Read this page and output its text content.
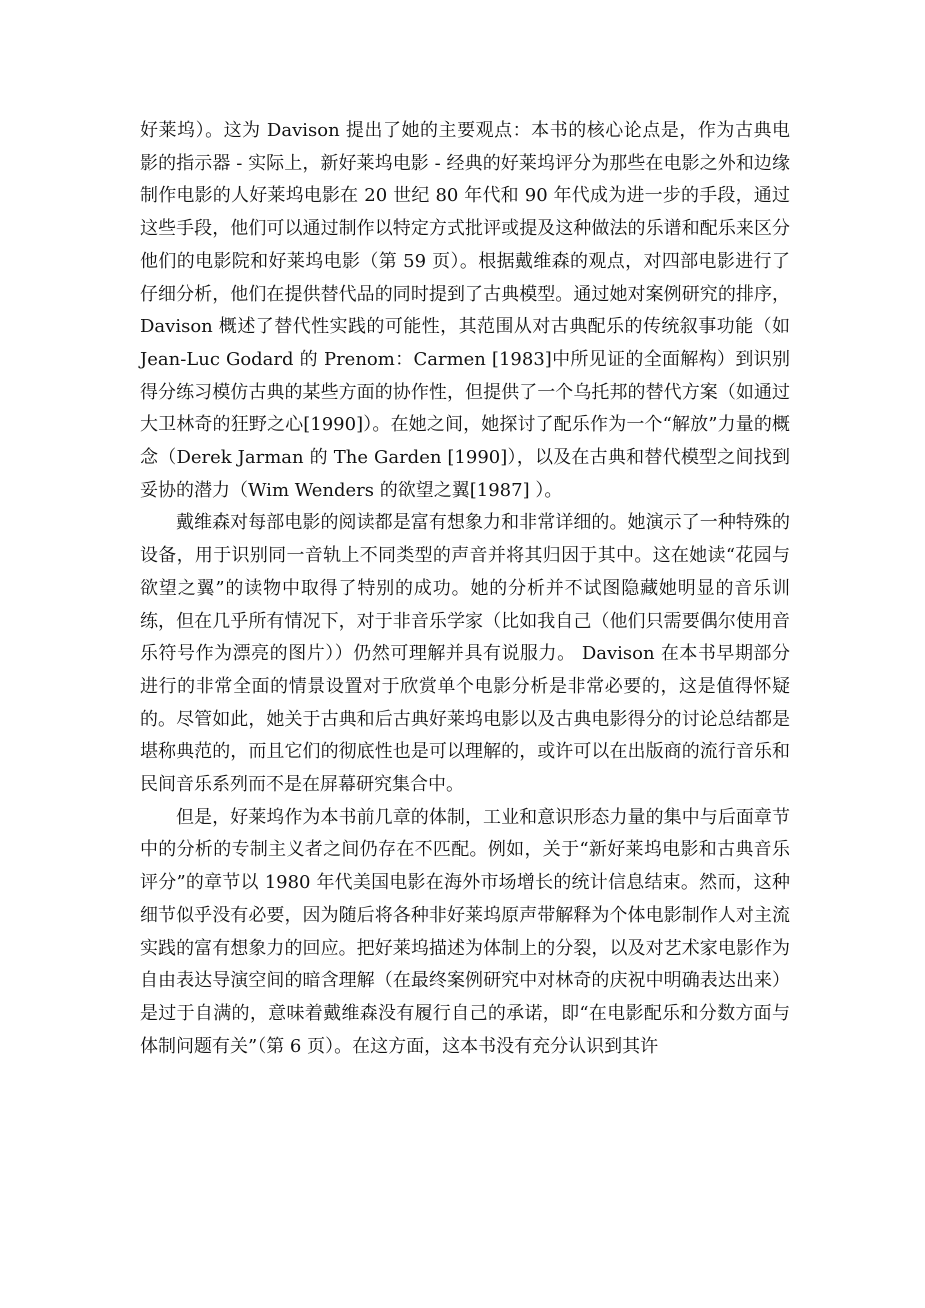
好莱坞）。这为 Davison 提出了她的主要观点：本书的核心论点是，作为古典电影的指示器 - 实际上，新好莱坞电影 - 经典的好莱坞评分为那些在电影之外和边缘制作电影的人好莱坞电影在 20 世纪 80 年代和 90 年代成为进一步的手段，通过这些手段，他们可以通过制作以特定方式批评或提及这种做法的乐谱和配乐来区分他们的电影院和好莱坞电影（第 59 页）。根据戴维森的观点，对四部电影进行了仔细分析，他们在提供替代品的同时提到了古典模型。通过她对案例研究的排序，Davison 概述了替代性实践的可能性，其范围从对古典配乐的传统叙事功能（如 Jean-Luc Godard 的 Prenom：Carmen [1983]中所见证的全面解构）到识别得分练习模仿古典的某些方面的协作性，但提供了一个乌托邦的替代方案（如通过大卫林奇的狂野之心[1990]）。在她之间，她探讨了配乐作为一个“解放”力量的概念（Derek Jarman 的 The Garden [1990]），以及在古典和替代模型之间找到妥协的潜力（Wim Wenders 的欲望之翼[1987] ）。

戴维森对每部电影的阅读都是富有想象力和非常详细的。她演示了一种特殊的设备，用于识别同一音轨上不同类型的声音并将其归因于其中。这在她读“花园与欲望之翼”的读物中取得了特别的成功。她的分析并不试图隐藏她明显的音乐训练，但在几乎所有情况下，对于非音乐学家（比如我自己（他们只需要偶尔使用音乐符号作为漂亮的图片））仍然可理解并具有说服力。 Davison 在本书早期部分进行的非常全面的情景设置对于欣赏单个电影分析是非常必要的，这是值得怀疑的。尽管如此，她关于古典和后古典好莱坞电影以及古典电影得分的讨论总结都是堪称典范的，而且它们的彻底性也是可以理解的，或许可以在出版商的流行音乐和民间音乐系列而不是在屏幕研究集合中。

但是，好莱坞作为本书前几章的体制，工业和意识形态力量的集中与后面章节中的分析的专制主义者之间仍存在不匹配。例如，关于“新好莱坞电影和古典音乐评分”的章节以 1980 年代美国电影在海外市场增长的统计信息结束。然而，这种细节似乎没有必要，因为随后将各种非好莱坞原声带解释为个体电影制作人对主流实践的富有想象力的回应。把好莱坞描述为体制上的分裂，以及对艺术家电影作为自由表达导演空间的暗含理解（在最终案例研究中对林奇的庆祝中明确表达出来）是过于自满的，意味着戴维森没有履行自己的承诺，即“在电影配乐和分数方面与体制问题有关”（第 6 页）。在这方面，这本书没有充分认识到其许
